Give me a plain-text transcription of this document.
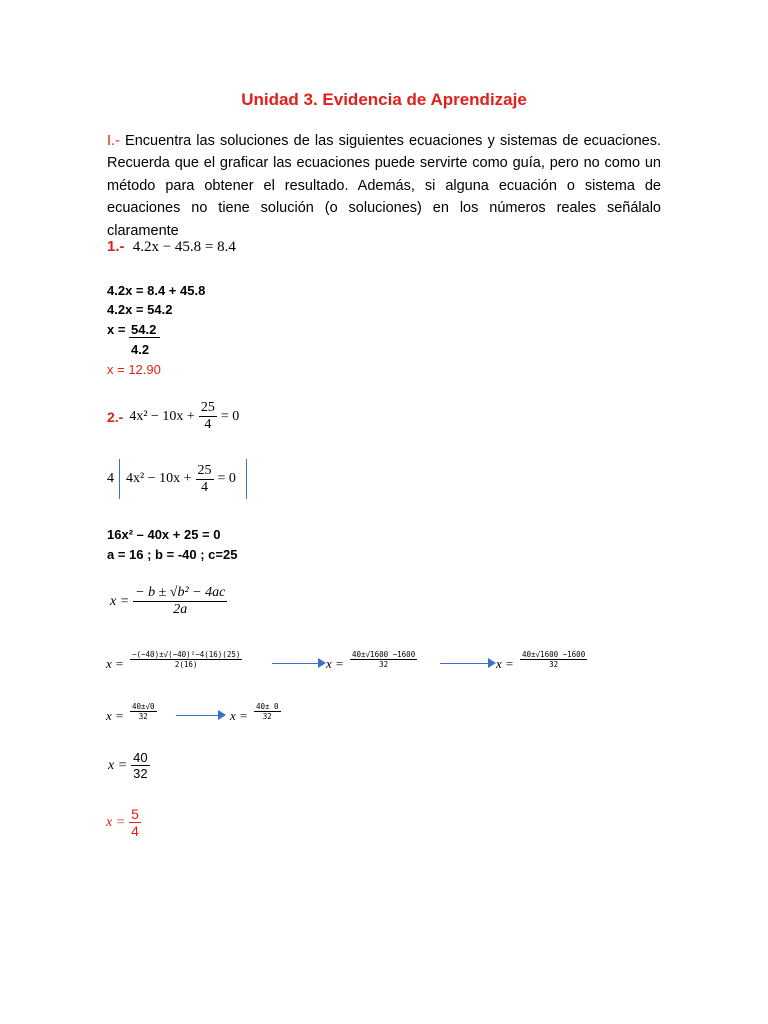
Unidad 3. Evidencia de Aprendizaje

I.- Encuentra las soluciones de las siguientes ecuaciones y sistemas de ecuaciones. Recuerda que el graficar las ecuaciones puede servirte como guía, pero no como un método para obtener el resultado. Además, si alguna ecuación o sistema de ecuaciones no tiene solución (o soluciones) en los números reales señálalo claramente

1.- 4.2x − 45.8 = 8.4
4.2x = 8.4 + 45.8
4.2x = 54.2
x = 54.2
4.2
x = 12.90
2.- $4x^2 - 10x + \frac{25}{4} = 0$
4 $4x^2 - 10x + \frac{25}{4} = 0$
16x² – 40x + 25 = 0
a = 16 ; b = -40 ; c=25
$x = \frac{\text{− b ± √b² − 4ac}}{2a}$
$x = \frac{\text{−(−40)±√(−40)²−4(16)(25)}}{2(16)}$	$x = \frac{40\pm√1600 -1600}{32}$	$x = \frac{40\pm√1600 -1600}{32}$
$x = \frac{40\pm√0}{32}$	$x = \frac{40\pm 0}{32}$
$x = \frac{40}{32}$
$x = \frac{5}{4}$
